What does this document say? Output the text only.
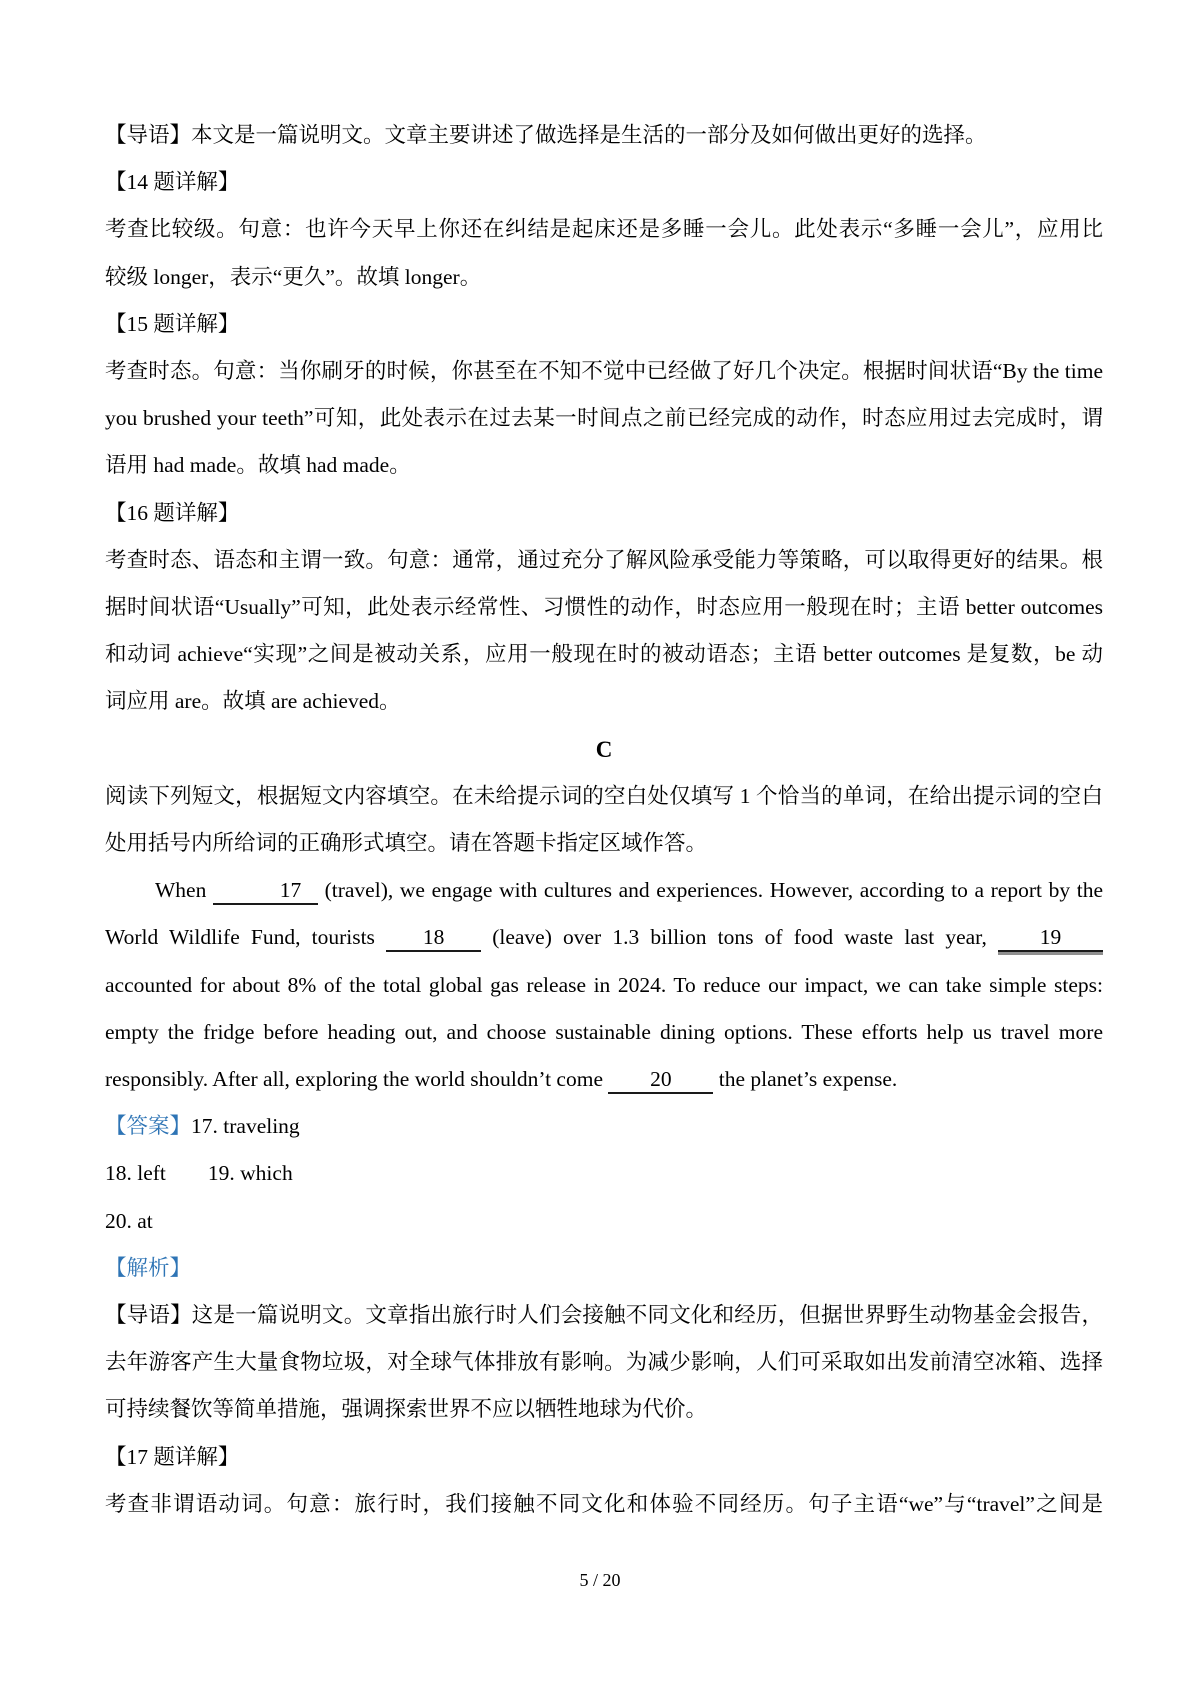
【导语】本文是一篇说明文。文章主要讲述了做选择是生活的一部分及如何做出更好的选择。
【14 题详解】
考查比较级。句意：也许今天早上你还在纠结是起床还是多睡一会儿。此处表示“多睡一会儿”，应用比
较级 longer，表示“更久”。故填 longer。
【15 题详解】
考查时态。句意：当你刷牙的时候，你甚至在不知不觉中已经做了好几个决定。根据时间状语“By the time
you brushed your teeth”可知，此处表示在过去某一时间点之前已经完成的动作，时态应用过去完成时，谓
语用 had made。故填 had made。
【16 题详解】
考查时态、语态和主谓一致。句意：通常，通过充分了解风险承受能力等策略，可以取得更好的结果。根
据时间状语“Usually”可知，此处表示经常性、习惯性的动作，时态应用一般现在时；主语 better outcomes
和动词 achieve“实现”之间是被动关系，应用一般现在时的被动语态；主语 better outcomes 是复数，be 动
词应用 are。故填 are achieved。
C
阅读下列短文，根据短文内容填空。在未给提示词的空白处仅填写 1 个恰当的单词，在给出提示词的空白
处用括号内所给词的正确形式填空。请在答题卡指定区域作答。
When	17 (travel), we engage with cultures and experiences. However, according to a report by the
World Wildlife Fund, tourists 18 (leave) over 1.3 billion tons of food waste last year, 19
accounted for about 8% of the total global gas release in 2024. To reduce our impact, we can take simple steps:
empty the fridge before heading out, and choose sustainable dining options. These efforts help us travel more
responsibly. After all, exploring the world shouldn’t come 20 the planet’s expense.
【答案】17. traveling
18. left 19. which
20. at
【解析】
【导语】这是一篇说明文。文章指出旅行时人们会接触不同文化和经历，但据世界野生动物基金会报告，
去年游客产生大量食物垃圾，对全球气体排放有影响。为减少影响，人们可采取如出发前清空冰箱、选择
可持续餐饮等简单措施，强调探索世界不应以牺牲地球为代价。
【17 题详解】
考查非谓语动词。句意：旅行时，我们接触不同文化和体验不同经历。句子主语“we”与“travel”之间是
5 / 20
